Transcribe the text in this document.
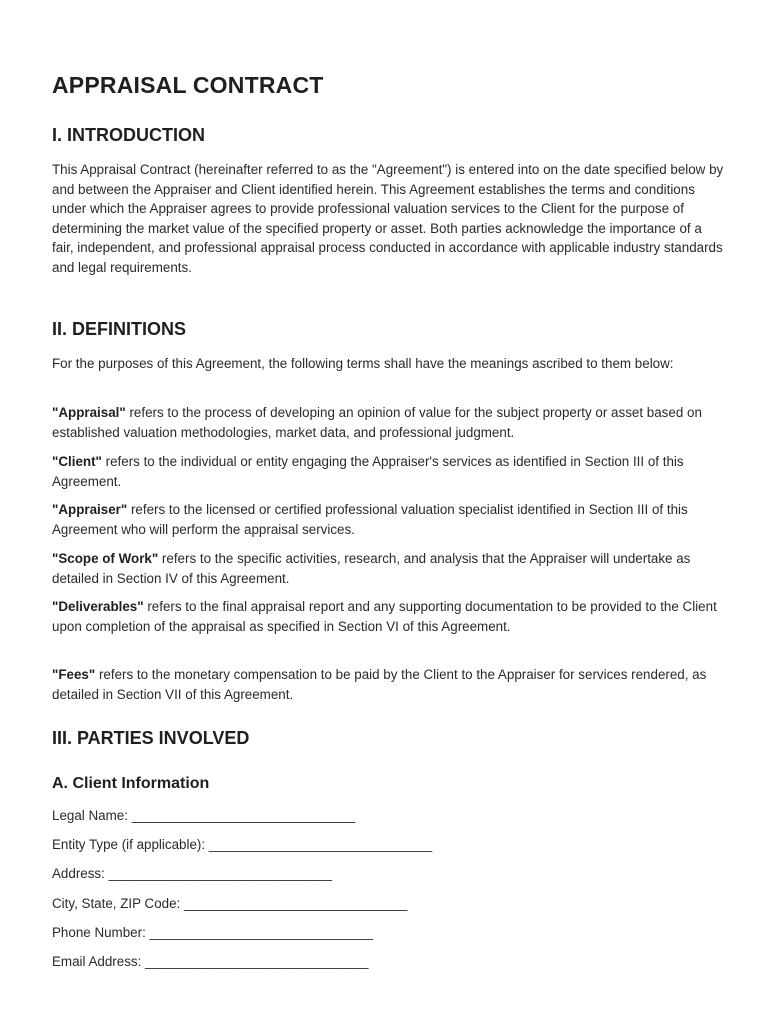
APPRAISAL CONTRACT
I. INTRODUCTION

This Appraisal Contract (hereinafter referred to as the "Agreement") is entered into on the date specified below by and between the Appraiser and Client identified herein. This Agreement establishes the terms and conditions under which the Appraiser agrees to provide professional valuation services to the Client for the purpose of determining the market value of the specified property or asset. Both parties acknowledge the importance of a fair, independent, and professional appraisal process conducted in accordance with applicable industry standards and legal requirements.

II. DEFINITIONS

For the purposes of this Agreement, the following terms shall have the meanings ascribed to them below:

"Appraisal" refers to the process of developing an opinion of value for the subject property or asset based on established valuation methodologies, market data, and professional judgment.

"Client" refers to the individual or entity engaging the Appraiser's services as identified in Section III of this Agreement.

"Appraiser" refers to the licensed or certified professional valuation specialist identified in Section III of this Agreement who will perform the appraisal services.

"Scope of Work" refers to the specific activities, research, and analysis that the Appraiser will undertake as detailed in Section IV of this Agreement.

"Deliverables" refers to the final appraisal report and any supporting documentation to be provided to the Client upon completion of the appraisal as specified in Section VI of this Agreement.

"Fees" refers to the monetary compensation to be paid by the Client to the Appraiser for services rendered, as detailed in Section VII of this Agreement.

III. PARTIES INVOLVED
A. Client Information

Legal Name: ______________________________

Entity Type (if applicable): ______________________________

Address: ______________________________

City, State, ZIP Code: ______________________________

Phone Number: ______________________________

Email Address: ______________________________
